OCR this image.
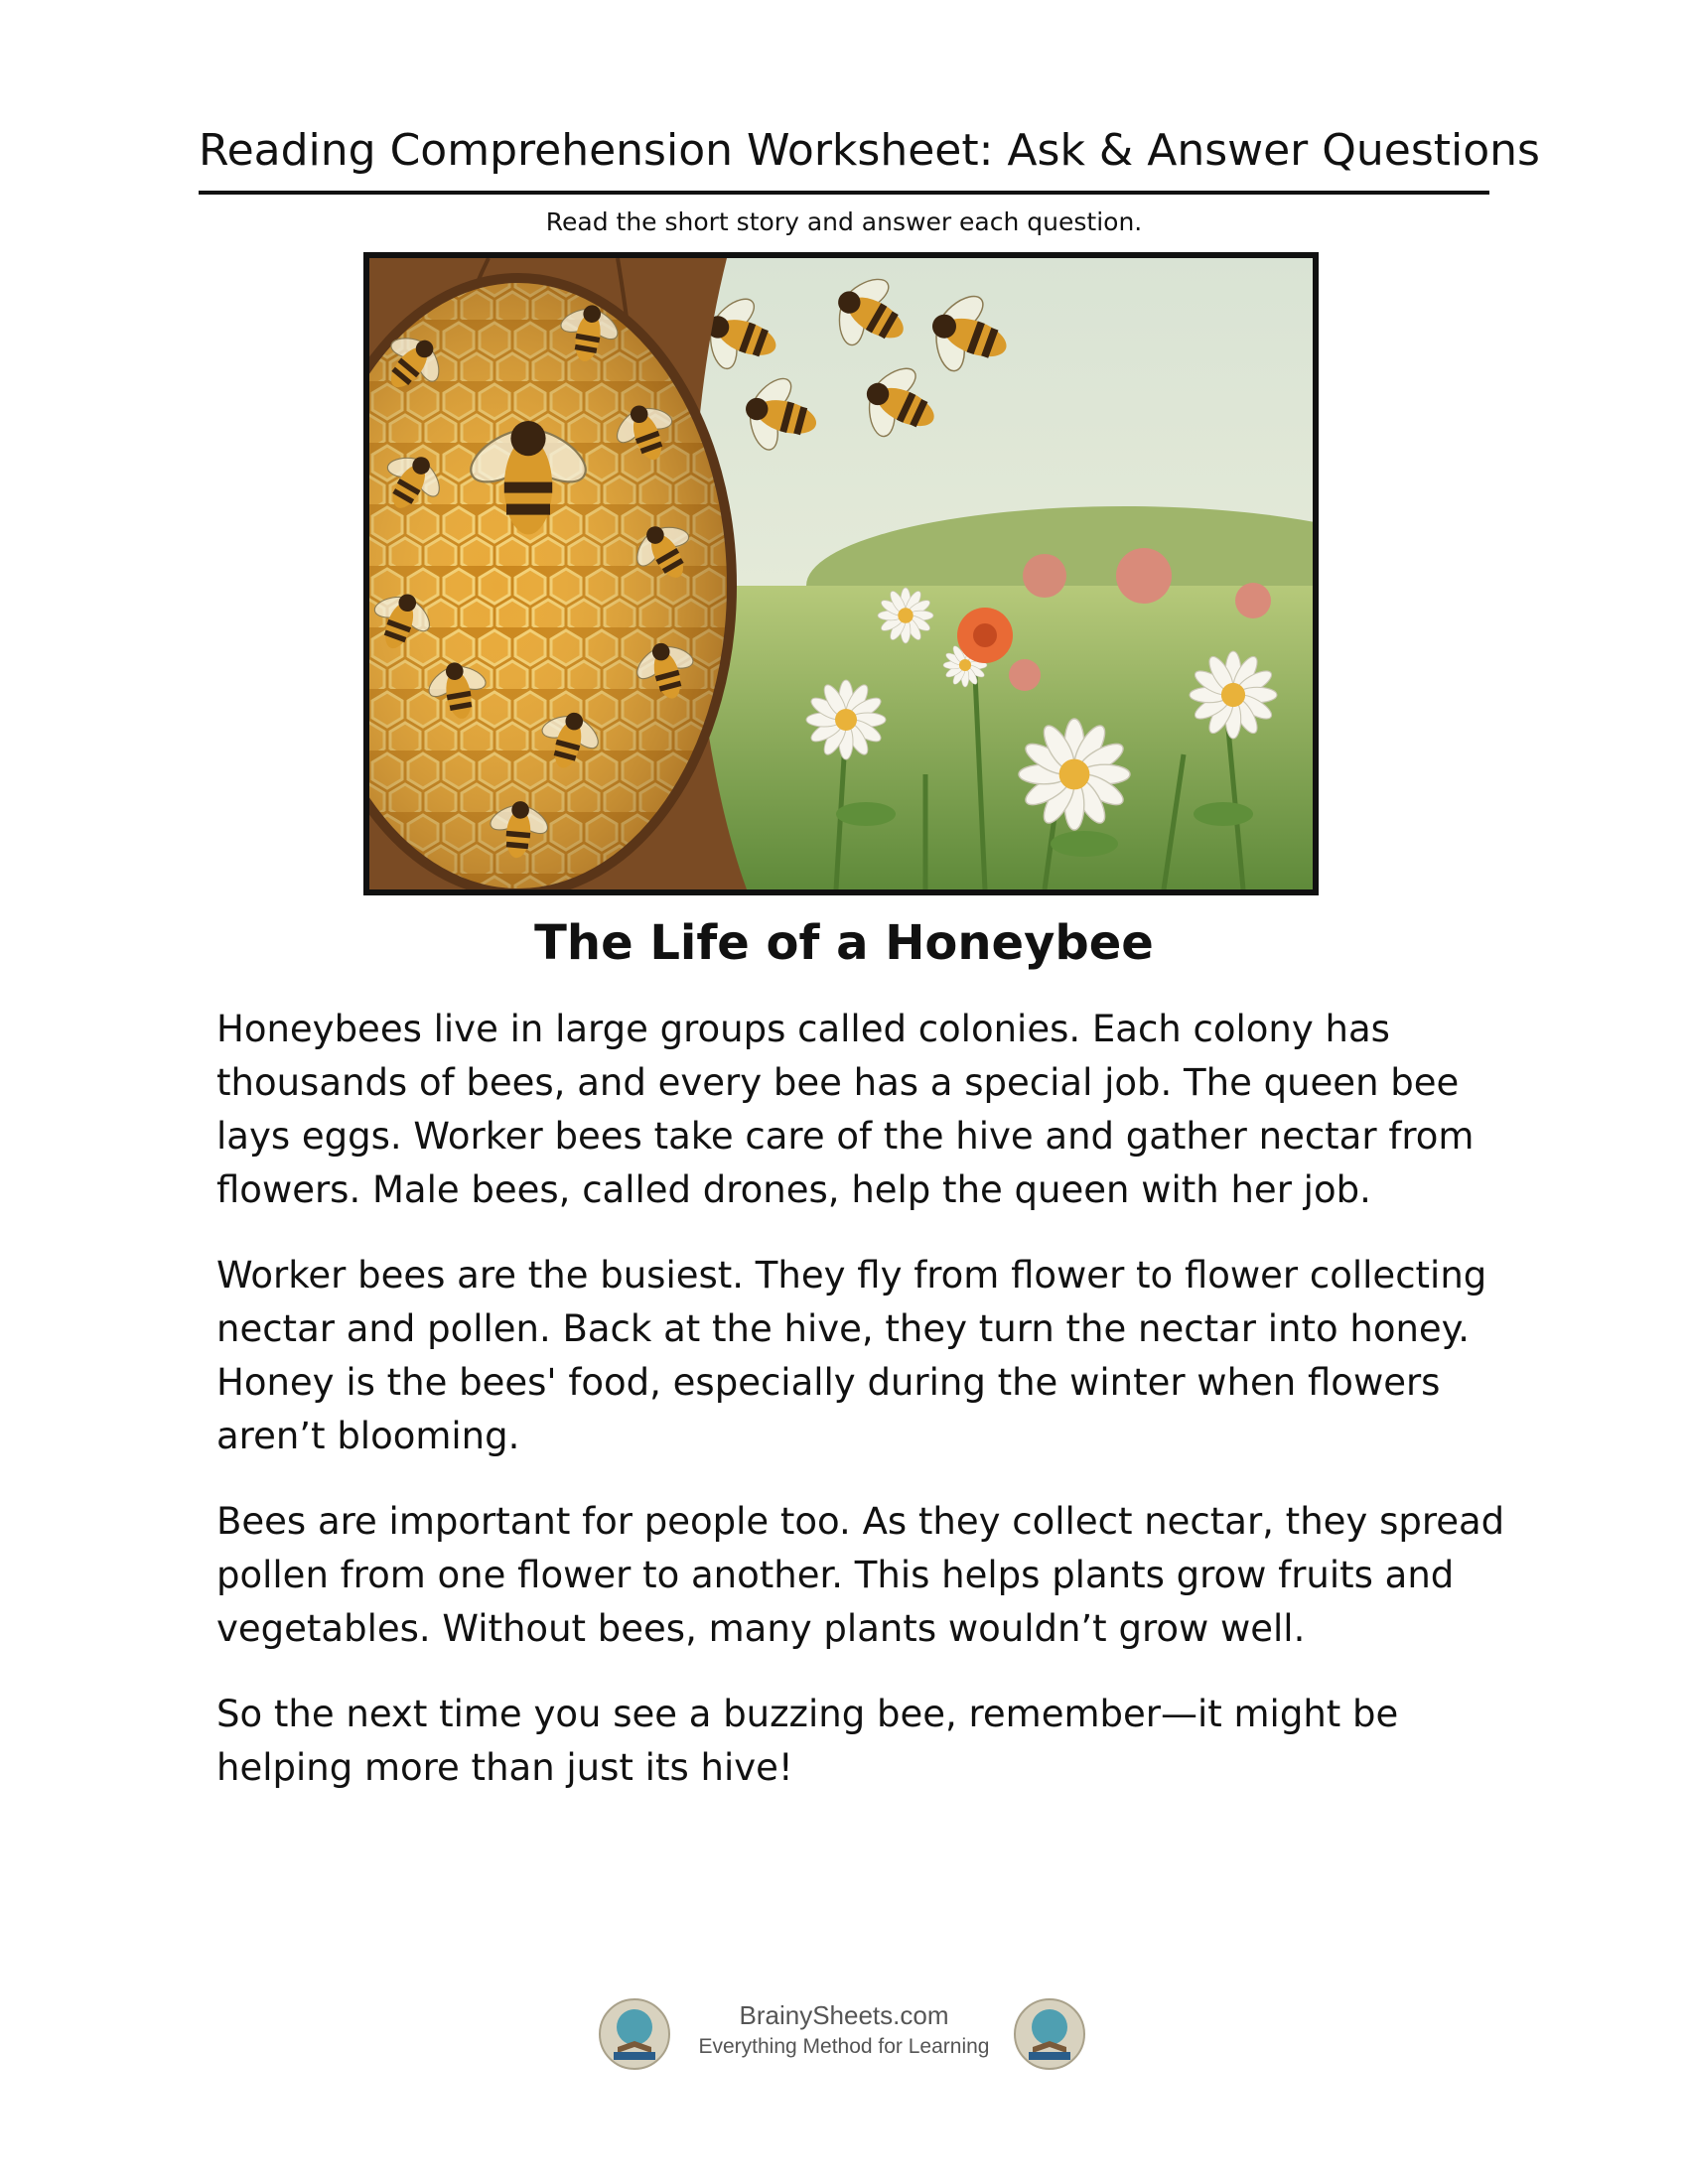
Reading Comprehension Worksheet: Ask & Answer Questions
Read the short story and answer each question.
The Life of a Honeybee

Honeybees live in large groups called colonies. Each colony has thousands of bees, and every bee has a special job. The queen bee lays eggs. Worker bees take care of the hive and gather nectar from flowers. Male bees, called drones, help the queen with her job.

Worker bees are the busiest. They fly from flower to flower collecting nectar and pollen. Back at the hive, they turn the nectar into honey. Honey is the bees' food, especially during the winter when flowers aren’t blooming.

Bees are important for people too. As they collect nectar, they spread pollen from one flower to another. This helps plants grow fruits and vegetables. Without bees, many plants wouldn’t grow well.

So the next time you see a buzzing bee, remember—it might be helping more than just its hive!

BrainySheets.com
Everything Method for Learning
